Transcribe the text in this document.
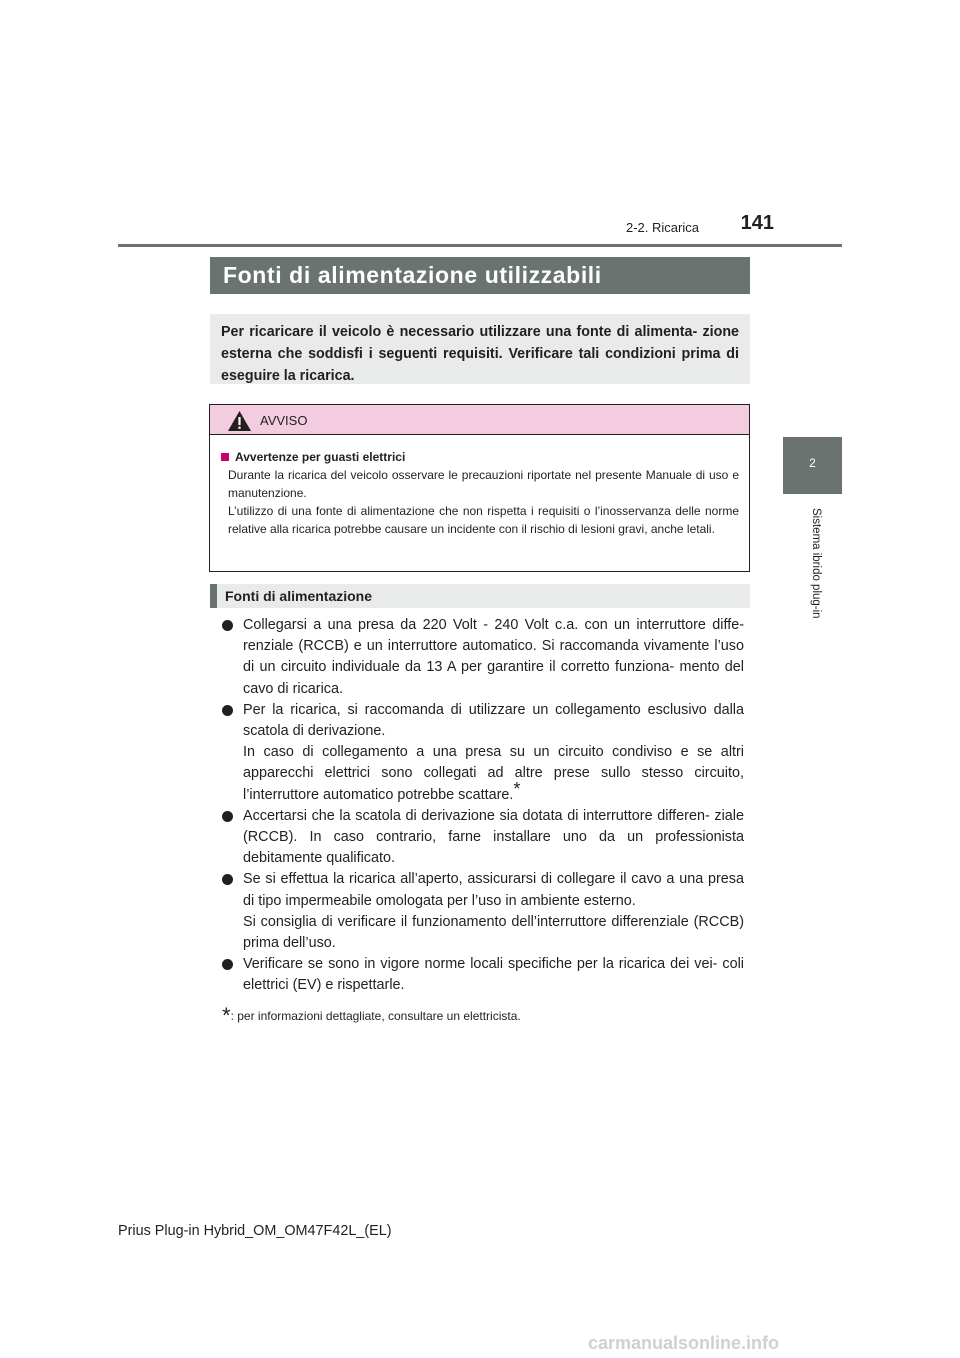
2-2. Ricarica	141
2
Sistema ibrido plug-in
Fonti di alimentazione utilizzabili
Per ricaricare il veicolo è necessario utilizzare una fonte di alimenta- zione esterna che soddisfi i seguenti requisiti. Verificare tali condizioni prima di eseguire la ricarica.
AVVISO
Avvertenze per guasti elettrici

Durante la ricarica del veicolo osservare le precauzioni riportate nel presente Manuale di uso e manutenzione.

L’utilizzo di una fonte di alimentazione che non rispetta i requisiti o l’inosservanza delle norme relative alla ricarica potrebbe causare un incidente con il rischio di lesioni gravi, anche letali.

Fonti di alimentazione

Collegarsi a una presa da 220 Volt - 240 Volt c.a. con un interruttore diffe- renziale (RCCB) e un interruttore automatico. Si raccomanda vivamente l’uso di un circuito individuale da 13 A per garantire il corretto funziona- mento del cavo di ricarica.

Per la ricarica, si raccomanda di utilizzare un collegamento esclusivo dalla scatola di derivazione.

In caso di collegamento a una presa su un circuito condiviso e se altri apparecchi elettrici sono collegati ad altre prese sullo stesso circuito, l’interruttore automatico potrebbe scattare.*

Accertarsi che la scatola di derivazione sia dotata di interruttore differen- ziale (RCCB). In caso contrario, farne installare uno da un professionista debitamente qualificato.

Se si effettua la ricarica all’aperto, assicurarsi di collegare il cavo a una presa di tipo impermeabile omologata per l’uso in ambiente esterno.

Si consiglia di verificare il funzionamento dell’interruttore differenziale (RCCB) prima dell’uso.

Verificare se sono in vigore norme locali specifiche per la ricarica dei vei- coli elettrici (EV) e rispettarle.

*: per informazioni dettagliate, consultare un elettricista.
Prius Plug-in Hybrid_OM_OM47F42L_(EL)
carmanualsonline.info
